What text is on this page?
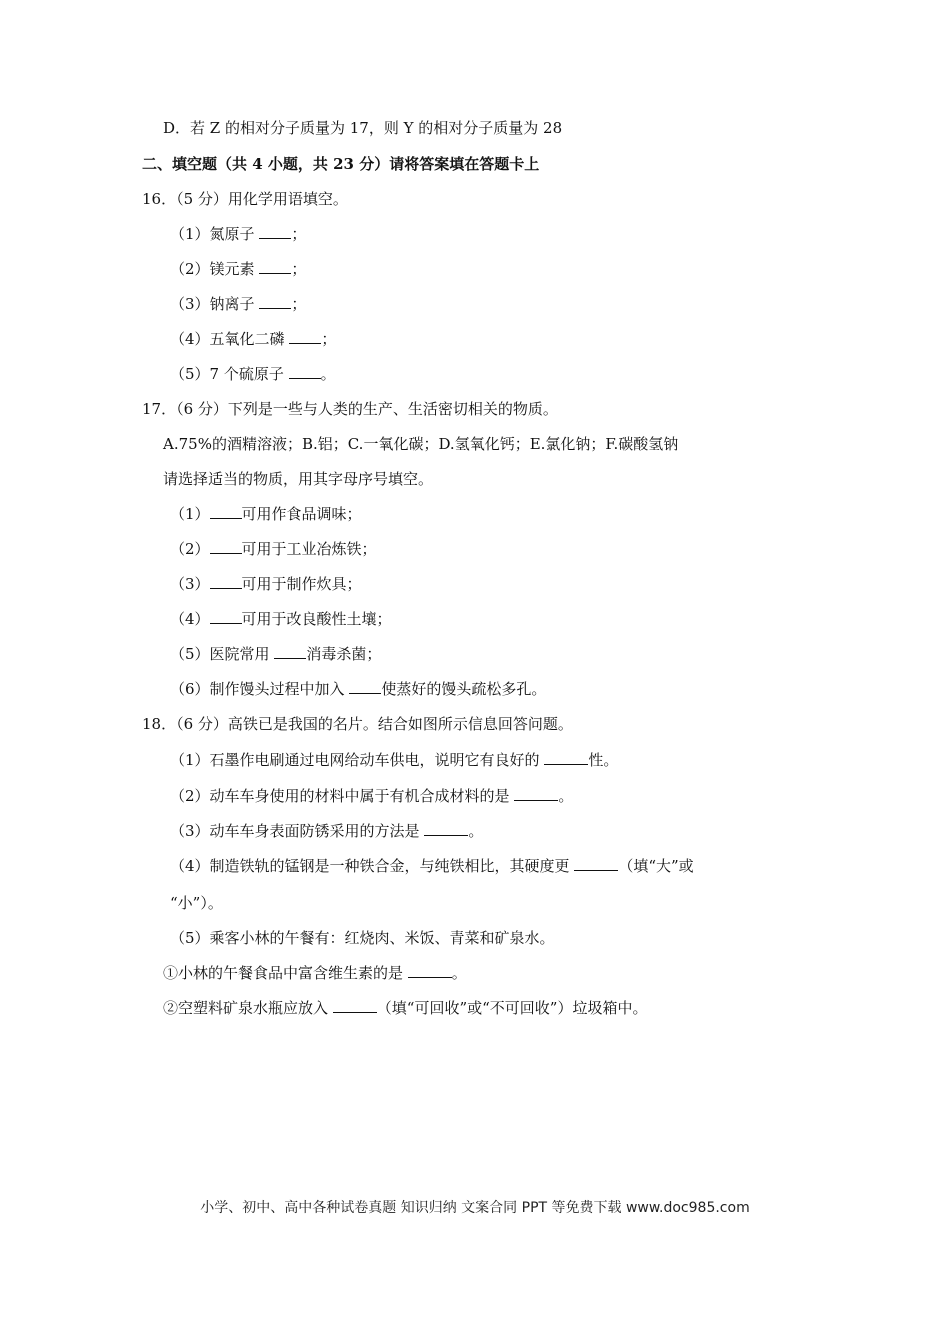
D．若 Z 的相对分子质量为 17，则 Y 的相对分子质量为 28
二、填空题（共 4 小题，共 23 分）请将答案填在答题卡上
16．（5 分）用化学用语填空。
（1）氮原子 ；
（2）镁元素 ；
（3）钠离子 ；
（4）五氧化二磷 ；
（5）7 个硫原子 。
17．（6 分）下列是一些与人类的生产、生活密切相关的物质。
A.75%的酒精溶液；B.铝；C.一氧化碳；D.氢氧化钙；E.氯化钠；F.碳酸氢钠
请选择适当的物质，用其字母序号填空。
（1） 可用作食品调味；
（2） 可用于工业冶炼铁；
（3） 可用于制作炊具；
（4） 可用于改良酸性土壤；
（5）医院常用 消毒杀菌；
（6）制作馒头过程中加入 使蒸好的馒头疏松多孔。
18．（6 分）高铁已是我国的名片。结合如图所示信息回答问题。
（1）石墨作电刷通过电网给动车供电，说明它有良好的	性。
（2）动车车身使用的材料中属于有机合成材料的是	。
（3）动车车身表面防锈采用的方法是	。
（4）制造铁轨的锰钢是一种铁合金，与纯铁相比，其硬度更	（填“大”或
“小”）。
（5）乘客小林的午餐有：红烧肉、米饭、青菜和矿泉水。
①小林的午餐食品中富含维生素的是	。
②空塑料矿泉水瓶应放入	（填“可回收”或“不可回收”）垃圾箱中。
小学、初中、高中各种试卷真题 知识归纳 文案合同 PPT 等免费下载 www.doc985.com
